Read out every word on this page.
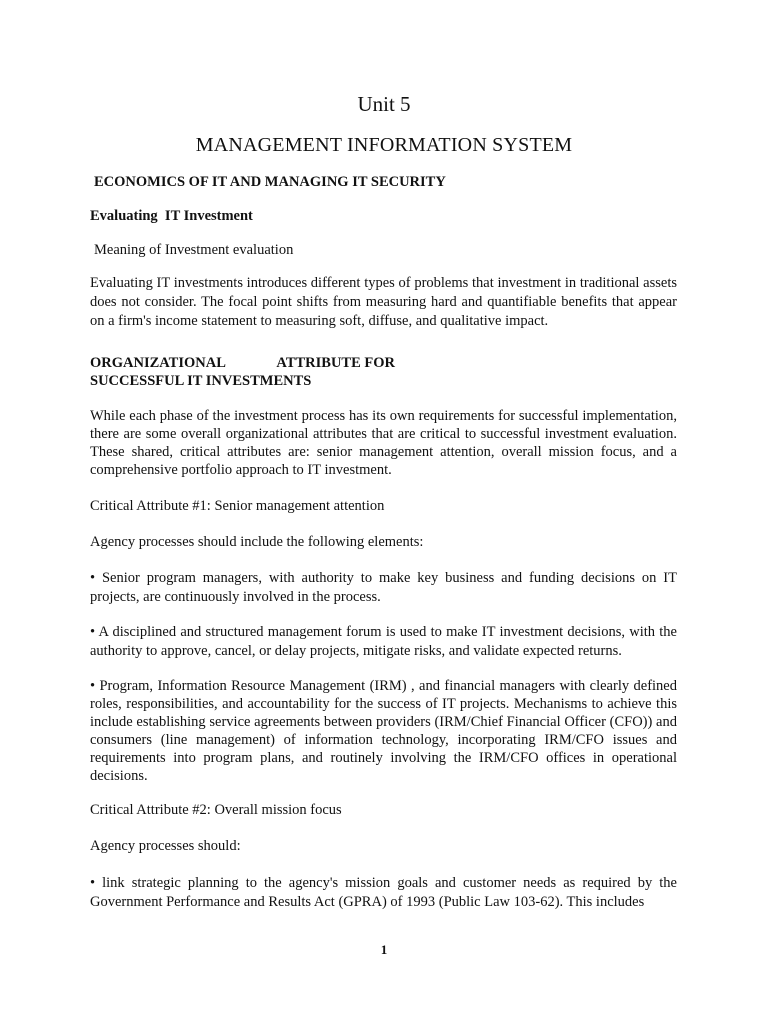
Unit 5

MANAGEMENT INFORMATION SYSTEM

ECONOMICS OF IT AND MANAGING IT SECURITY

Evaluating  IT Investment

Meaning of Investment evaluation

Evaluating IT investments introduces different types of problems that investment in traditional assets does not consider. The focal point shifts from measuring hard and quantifiable benefits that appear on a firm's income statement to measuring soft, diffuse, and qualitative impact.

ORGANIZATIONAL	ATTRIBUTE FOR
SUCCESSFUL IT INVESTMENTS

While each phase of the investment process has its own requirements for successful implementation, there are some overall organizational attributes that are critical to successful investment evaluation. These shared, critical attributes are: senior management attention, overall mission focus, and a comprehensive portfolio approach to IT investment.

Critical Attribute #1: Senior management attention

Agency processes should include the following elements:

• Senior program managers, with authority to make key business and funding decisions on IT projects, are continuously involved in the process.

• A disciplined and structured management forum is used to make IT investment decisions, with the authority to approve, cancel, or delay projects, mitigate risks, and validate expected returns.

• Program, Information Resource Management (IRM) , and financial managers with clearly defined roles, responsibilities, and accountability for the success of IT projects. Mechanisms to achieve this include establishing service agreements between providers (IRM/Chief Financial Officer (CFO)) and consumers (line management) of information technology, incorporating IRM/CFO issues and requirements into program plans, and routinely involving the IRM/CFO offices in operational decisions.

Critical Attribute #2: Overall mission focus

Agency processes should:

• link strategic planning to the agency's mission goals and customer needs as required by the Government Performance and Results Act (GPRA) of 1993 (Public Law 103-62). This includes

1
